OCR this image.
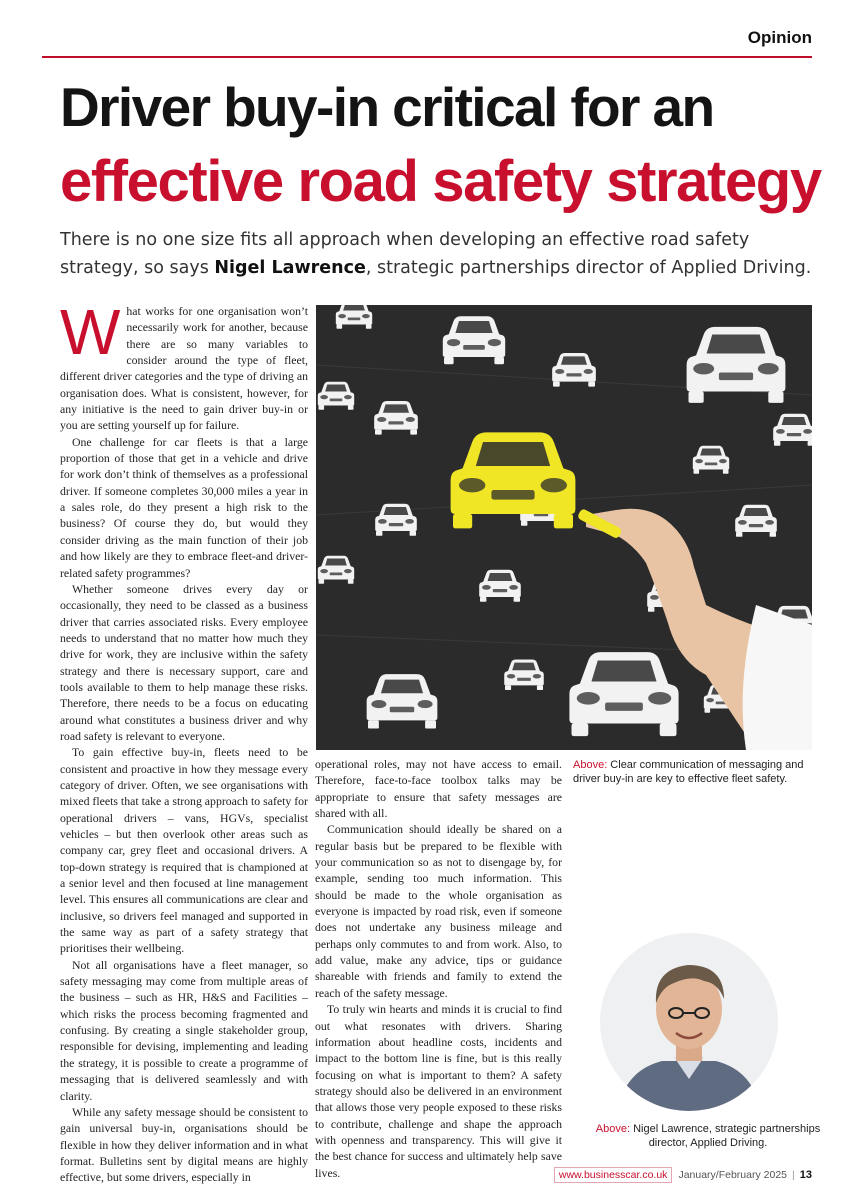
Opinion
Driver buy-in critical for an
effective road safety strategy

There is no one size fits all approach when developing an effective road safety strategy, so says Nigel Lawrence, strategic partnerships director of Applied Driving.

What works for one organisation won’t necessarily work for another, because there are so many variables to consider around the type of fleet, different driver categories and the type of driving an organisation does. What is consistent, however, for any initiative is the need to gain driver buy-in or you are setting yourself up for failure.

One challenge for car fleets is that a large proportion of those that get in a vehicle and drive for work don’t think of themselves as a professional driver. If someone completes 30,000 miles a year in a sales role, do they present a high risk to the business? Of course they do, but would they consider driving as the main function of their job and how likely are they to embrace fleet-and driver-related safety programmes?

Whether someone drives every day or occasionally, they need to be classed as a business driver that carries associated risks. Every employee needs to understand that no matter how much they drive for work, they are inclusive within the safety strategy and there is necessary support, care and tools available to them to help manage these risks. Therefore, there needs to be a focus on educating around what constitutes a business driver and why road safety is relevant to everyone.

To gain effective buy-in, fleets need to be consistent and proactive in how they message every category of driver. Often, we see organisations with mixed fleets that take a strong approach to safety for operational drivers – vans, HGVs, specialist vehicles – but then overlook other areas such as company car, grey fleet and occasional drivers. A top-down strategy is required that is championed at a senior level and then focused at line management level. This ensures all communications are clear and inclusive, so drivers feel managed and supported in the same way as part of a safety strategy that prioritises their wellbeing.

Not all organisations have a fleet manager, so safety messaging may come from multiple areas of the business – such as HR, H&S and Facilities – which risks the process becoming fragmented and confusing. By creating a single stakeholder group, responsible for devising, implementing and leading the strategy, it is possible to create a programme of messaging that is delivered seamlessly and with clarity.

While any safety message should be consistent to gain universal buy-in, organisations should be flexible in how they deliver information and in what format. Bulletins sent by digital means are highly effective, but some drivers, especially in

operational roles, may not have access to email. Therefore, face-to-face toolbox talks may be appropriate to ensure that safety messages are shared with all.

Communication should ideally be shared on a regular basis but be prepared to be flexible with your communication so as not to disengage by, for example, sending too much information. This should be made to the whole organisation as everyone is impacted by road risk, even if someone does not undertake any business mileage and perhaps only commutes to and from work. Also, to add value, make any advice, tips or guidance shareable with friends and family to extend the reach of the safety message.

To truly win hearts and minds it is crucial to find out what resonates with drivers. Sharing information about headline costs, incidents and impact to the bottom line is fine, but is this really focusing on what is important to them? A safety strategy should also be delivered in an environment that allows those very people exposed to these risks to contribute, challenge and shape the approach with openness and transparency. This will give it the best chance for success and ultimately help save lives.

Above: Clear communication of messaging and driver buy-in are key to effective fleet safety.

Above: Nigel Lawrence, strategic partnerships director, Applied Driving.

www.businesscar.co.uk	January/February 2025 | 13
